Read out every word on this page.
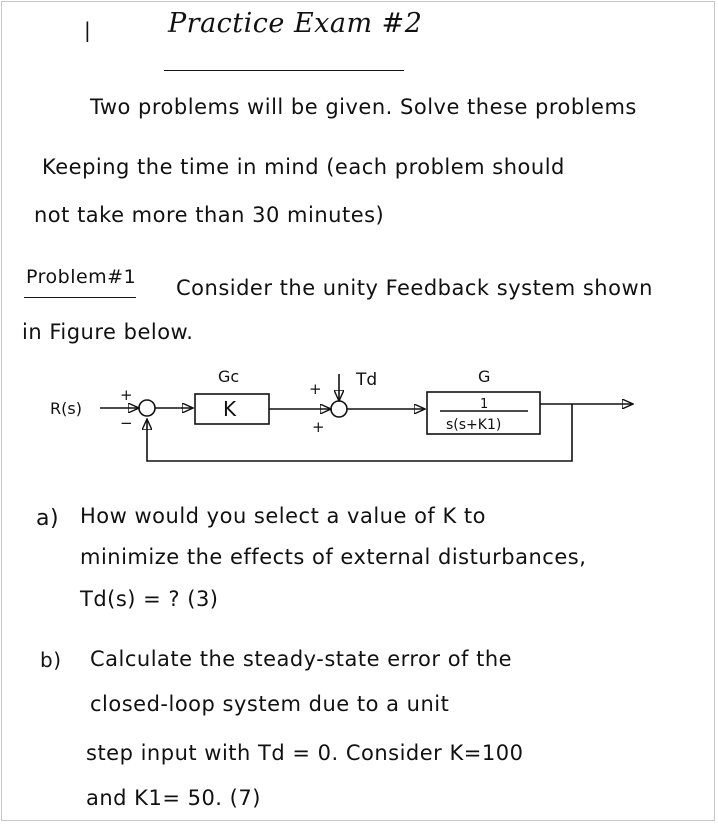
|	Practice Exam #2
Two problems will be given. Solve these problems
Keeping the time in mind (each problem should
not take more than 30 minutes)
Problem#1 Consider the unity Feedback system shown
in Figure below.
R(s)
+
−
Gc
K
+
+
Td	G
1
s(s+K1)
a) How would you select a value of K to
minimize the effects of external disturbances,
Td(s) = ? (3)
b) Calculate the steady-state error of the
closed-loop system due to a unit
step input with Td = 0. Consider K=100
and K1= 50. (7)
